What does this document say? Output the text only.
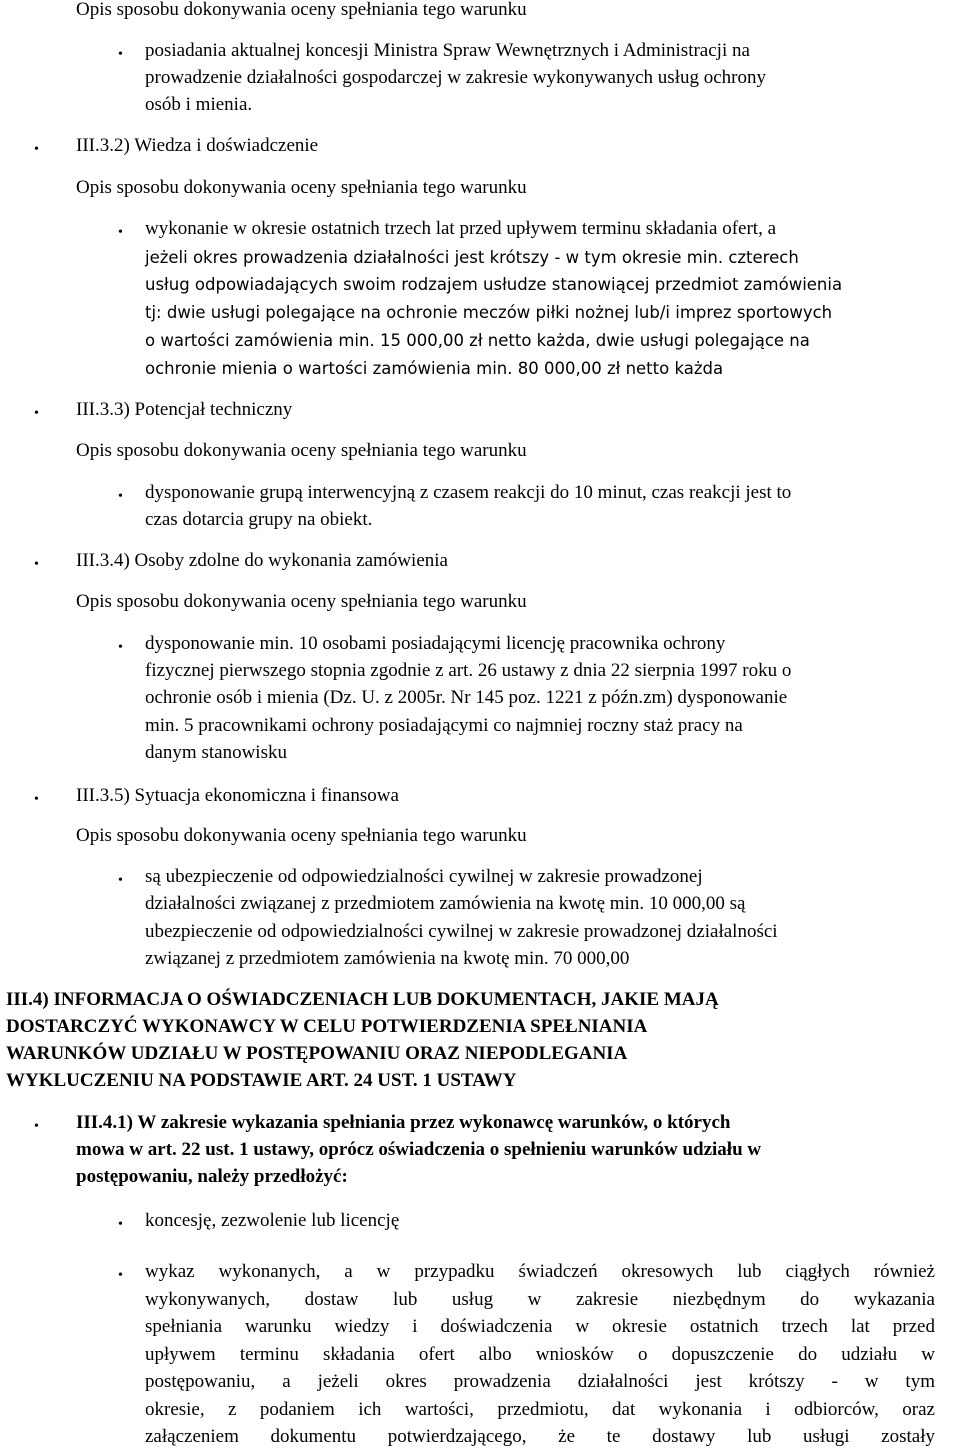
Opis sposobu dokonywania oceny spełniania tego warunku
• posiadania aktualnej koncesji Ministra Spraw Wewnętrznych i Administracji na
prowadzenie działalności gospodarczej w zakresie wykonywanych usług ochrony
osób i mienia.
• III.3.2) Wiedza i doświadczenie
Opis sposobu dokonywania oceny spełniania tego warunku
• wykonanie w okresie ostatnich trzech lat przed upływem terminu składania ofert, a
jeżeli okres prowadzenia działalności jest krótszy - w tym okresie min. czterech
usług odpowiadających swoim rodzajem usłudze stanowiącej przedmiot zamówienia
tj: dwie usługi polegające na ochronie meczów piłki nożnej lub/i imprez sportowych
o wartości zamówienia min. 15 000,00 zł netto każda, dwie usługi polegające na
ochronie mienia o wartości zamówienia min. 80 000,00 zł netto każda
• III.3.3) Potencjał techniczny
Opis sposobu dokonywania oceny spełniania tego warunku
• dysponowanie grupą interwencyjną z czasem reakcji do 10 minut, czas reakcji jest to
czas dotarcia grupy na obiekt.
• III.3.4) Osoby zdolne do wykonania zamówienia
Opis sposobu dokonywania oceny spełniania tego warunku
• dysponowanie min. 10 osobami posiadającymi licencję pracownika ochrony
fizycznej pierwszego stopnia zgodnie z art. 26 ustawy z dnia 22 sierpnia 1997 roku o
ochronie osób i mienia (Dz. U. z 2005r. Nr 145 poz. 1221 z późn.zm) dysponowanie
min. 5 pracownikami ochrony posiadającymi co najmniej roczny staż pracy na
danym stanowisku
• III.3.5) Sytuacja ekonomiczna i finansowa
Opis sposobu dokonywania oceny spełniania tego warunku
• są ubezpieczenie od odpowiedzialności cywilnej w zakresie prowadzonej
działalności związanej z przedmiotem zamówienia na kwotę min. 10 000,00 są
ubezpieczenie od odpowiedzialności cywilnej w zakresie prowadzonej działalności
związanej z przedmiotem zamówienia na kwotę min. 70 000,00
III.4) INFORMACJA O OŚWIADCZENIACH LUB DOKUMENTACH, JAKIE MAJĄ
DOSTARCZYĆ WYKONAWCY W CELU POTWIERDZENIA SPEŁNIANIA
WARUNKÓW UDZIAŁU W POSTĘPOWANIU ORAZ NIEPODLEGANIA
WYKLUCZENIU NA PODSTAWIE ART. 24 UST. 1 USTAWY
• III.4.1) W zakresie wykazania spełniania przez wykonawcę warunków, o których
mowa w art. 22 ust. 1 ustawy, oprócz oświadczenia o spełnieniu warunków udziału w
postępowaniu, należy przedłożyć:
• koncesję, zezwolenie lub licencję
• wykaz wykonanych, a w przypadku świadczeń okresowych lub ciągłych również
wykonywanych, dostaw lub usług w zakresie niezbędnym do wykazania
spełniania warunku wiedzy i doświadczenia w okresie ostatnich trzech lat przed
upływem terminu składania ofert albo wniosków o dopuszczenie do udziału w
postępowaniu, a jeżeli okres prowadzenia działalności jest krótszy - w tym
okresie, z podaniem ich wartości, przedmiotu, dat wykonania i odbiorców, oraz
załączeniem dokumentu potwierdzającego, że te dostawy lub usługi zostały
